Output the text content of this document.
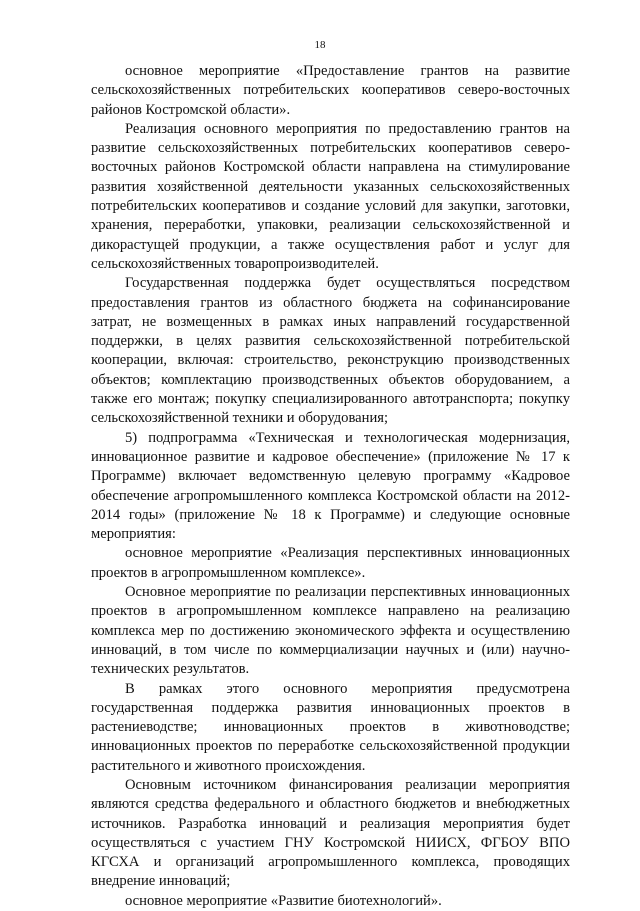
18

основное мероприятие «Предоставление грантов на развитие сельскохозяйственных потребительских кооперативов северо-восточных районов Костромской области».

Реализация основного мероприятия по предоставлению грантов на развитие сельскохозяйственных потребительских кооперативов северо-восточных районов Костромской области направлена на стимулирование развития хозяйственной деятельности указанных сельскохозяйственных потребительских кооперативов и создание условий для закупки, заготовки, хранения, переработки, упаковки, реализации сельскохозяйственной и дикорастущей продукции, а также осуществления работ и услуг для сельскохозяйственных товаропроизводителей.

Государственная поддержка будет осуществляться посредством предоставления грантов из областного бюджета на софинансирование затрат, не возмещенных в рамках иных направлений государственной поддержки, в целях развития сельскохозяйственной потребительской кооперации, включая: строительство, реконструкцию производственных объектов; комплектацию производственных объектов оборудованием, а также его монтаж; покупку специализированного автотранспорта; покупку сельскохозяйственной техники и оборудования;

5) подпрограмма «Техническая и технологическая модернизация, инновационное развитие и кадровое обеспечение» (приложение № 17 к Программе) включает ведомственную целевую программу «Кадровое обеспечение агропромышленного комплекса Костромской области на 2012-2014 годы» (приложение № 18 к Программе) и следующие основные мероприятия:

основное мероприятие «Реализация перспективных инновационных проектов в агропромышленном комплексе».

Основное мероприятие по реализации перспективных инновационных проектов в агропромышленном комплексе направлено на реализацию комплекса мер по достижению экономического эффекта и осуществлению инноваций, в том числе по коммерциализации научных и (или) научно-технических результатов.

В рамках этого основного мероприятия предусмотрена государственная поддержка развития инновационных проектов в растениеводстве; инновационных проектов в животноводстве; инновационных проектов по переработке сельскохозяйственной продукции растительного и животного происхождения.

Основным источником финансирования реализации мероприятия являются средства федерального и областного бюджетов и внебюджетных источников. Разработка инноваций и реализация мероприятия будет осуществляться с участием ГНУ Костромской НИИСХ, ФГБОУ ВПО КГСХА и организаций агропромышленного комплекса, проводящих внедрение инноваций;

основное мероприятие «Развитие биотехнологий».
